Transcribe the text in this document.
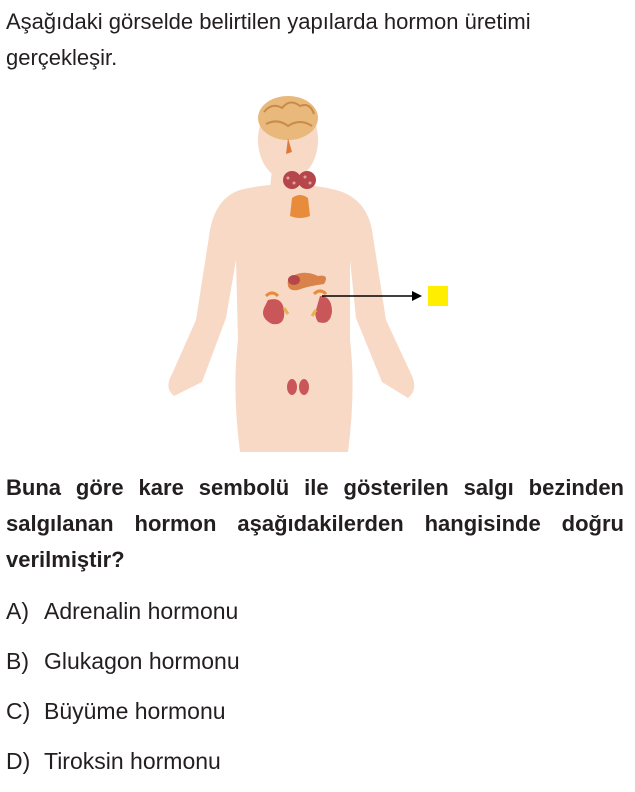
Aşağıdaki görselde belirtilen yapılarda hormon üretimi gerçekleşir.

Buna göre kare sembolü ile gösterilen salgı bezinden salgılanan hormon aşağıdakilerden hangisinde doğru verilmiştir?

A) Adrenalin hormonu
B) Glukagon hormonu
C) Büyüme hormonu
D) Tiroksin hormonu
